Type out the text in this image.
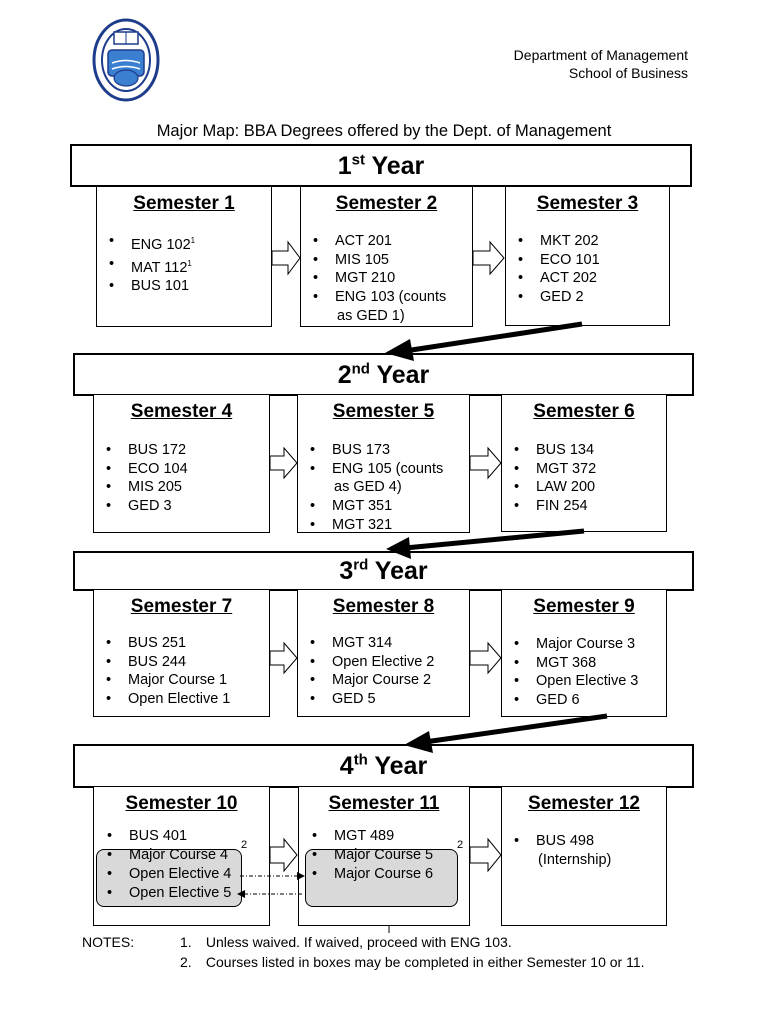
Department of Management
School of Business
Major Map: BBA Degrees offered by the Dept. of Management
1st Year
2nd Year
3rd Year
4th Year
Semester 1
• ENG 102$^1$
• MAT 112$^1$
• BUS 101
Semester 2
• ACT 201
• MIS 105
• MGT 210
• ENG 103 (counts
as GED 1)
Semester 3
• MKT 202
• ECO 101
• ACT 202
• GED 2
Semester 4
• BUS 172
• ECO 104
• MIS 205
• GED 3
Semester 5
• BUS 173
• ENG 105 (counts
as GED 4)
• MGT 351
• MGT 321
Semester 6
• BUS 134
• MGT 372
• LAW 200
• FIN 254
Semester 7
• BUS 251
• BUS 244
• Major Course 1
• Open Elective 1
Semester 8
• MGT 314
• Open Elective 2
• Major Course 2
• GED 5
Semester 9
• Major Course 3
• MGT 368
• Open Elective 3
• GED 6
Semester 10
• BUS 401
• Major Course 4
• Open Elective 4
• Open Elective 5
2
Semester 11
• MGT 489
• Major Course 5
• Major Course 6
2
Semester 12
• BUS 498
(Internship)
NOTES:	1. Unless waived. If waived, proceed with ENG 103.
2. Courses listed in boxes may be completed in either Semester 10 or 11.
